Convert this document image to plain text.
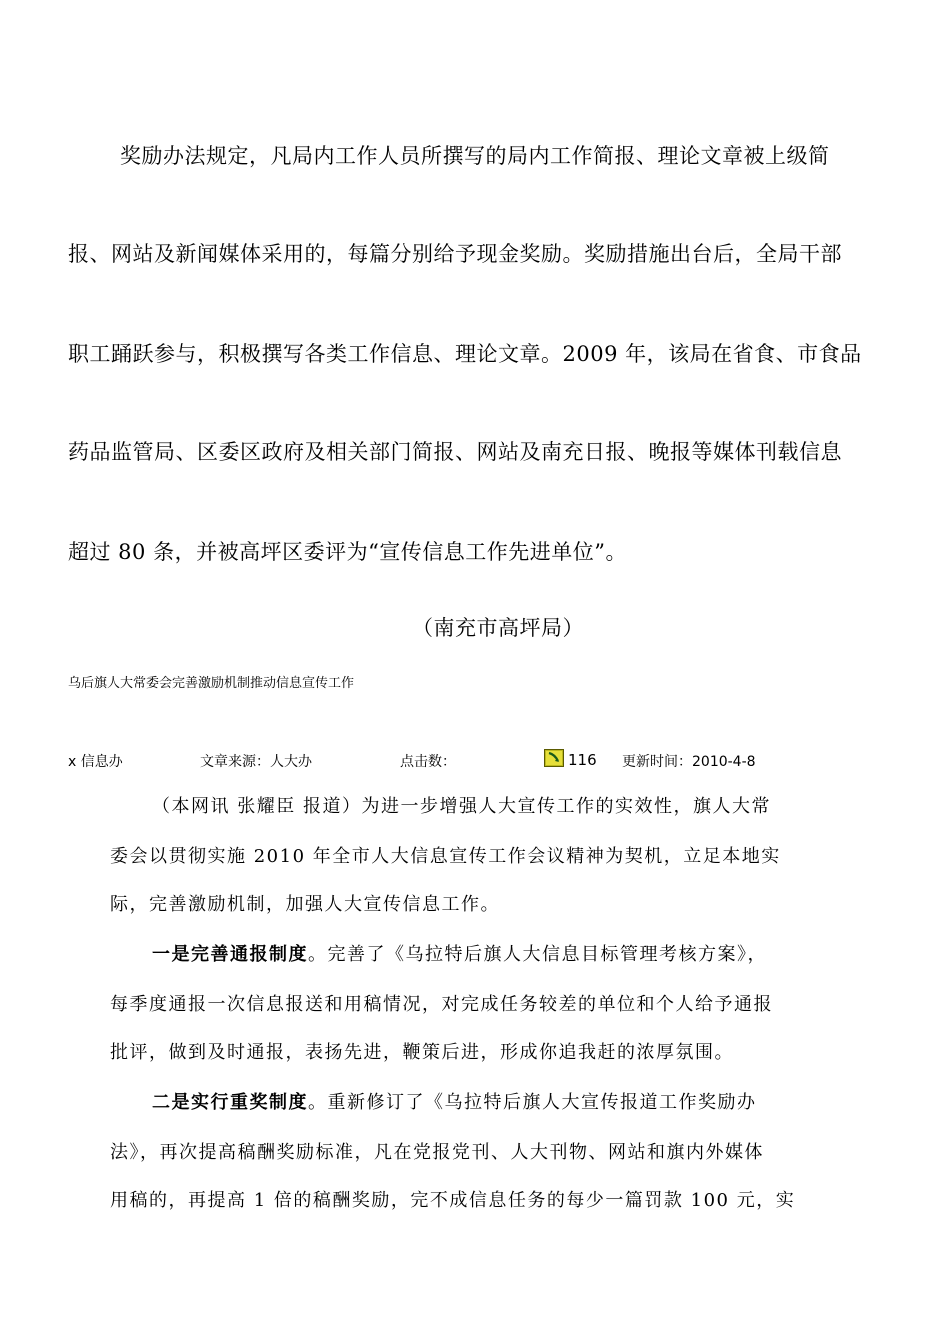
奖励办法规定，凡局内工作人员所撰写的局内工作简报、理论文章被上级简

报、网站及新闻媒体采用的，每篇分别给予现金奖励。奖励措施出台后，全局干部

职工踊跃参与，积极撰写各类工作信息、理论文章。2009 年，该局在省食、市食品

药品监管局、区委区政府及相关部门简报、网站及南充日报、晚报等媒体刊载信息

超过 80 条，并被高坪区委评为“宣传信息工作先进单位”。

（南充市高坪局）

乌后旗人大常委会完善激励机制推动信息宣传工作

x 信息办	文章来源：人大办	点击数：	116 更新时间：2010-4-8

（本网讯 张耀臣 报道）为进一步增强人大宣传工作的实效性，旗人大常

委会以贯彻实施 2010 年全市人大信息宣传工作会议精神为契机，立足本地实

际，完善激励机制，加强人大宣传信息工作。

一是完善通报制度。完善了《乌拉特后旗人大信息目标管理考核方案》，

每季度通报一次信息报送和用稿情况，对完成任务较差的单位和个人给予通报

批评，做到及时通报，表扬先进，鞭策后进，形成你追我赶的浓厚氛围。

二是实行重奖制度。重新修订了《乌拉特后旗人大宣传报道工作奖励办

法》，再次提高稿酬奖励标准，凡在党报党刊、人大刊物、网站和旗内外媒体

用稿的，再提高 1 倍的稿酬奖励，完不成信息任务的每少一篇罚款 100 元，实
